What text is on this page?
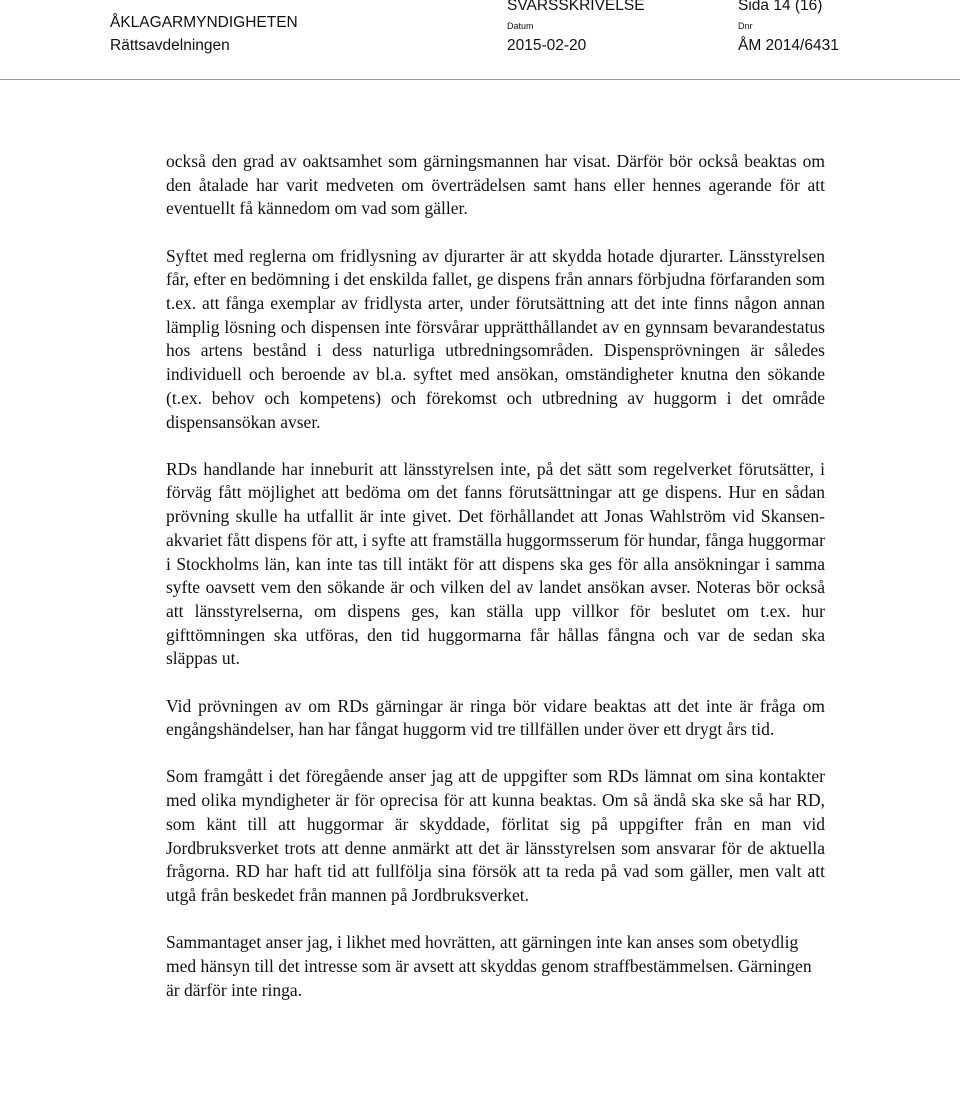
ÅKLAGARMYNDIGHETEN
Rättsavdelningen
SVARSSKRIVELSE
Datum
2015-02-20
Sida 14 (16)
Dnr
ÅM 2014/6431

också den grad av oaktsamhet som gärningsmannen har visat. Därför bör också beaktas om den åtalade har varit medveten om överträdelsen samt hans eller hennes agerande för att eventuellt få kännedom om vad som gäller.

Syftet med reglerna om fridlysning av djurarter är att skydda hotade djurarter. Länsstyrelsen får, efter en bedömning i det enskilda fallet, ge dispens från annars förbjudna förfaranden som t.ex. att fånga exemplar av fridlysta arter, under förutsättning att det inte finns någon annan lämplig lösning och dispensen inte försvårar upprätthållandet av en gynnsam bevarandestatus hos artens bestånd i dess naturliga utbredningsområden. Dispensprövningen är således individuell och beroende av bl.a. syftet med ansökan, omständigheter knutna den sökande (t.ex. behov och kompetens) och förekomst och utbredning av huggorm i det område dispensansökan avser.

RDs handlande har inneburit att länsstyrelsen inte, på det sätt som regelverket förutsätter, i förväg fått möjlighet att bedöma om det fanns förutsättningar att ge dispens. Hur en sådan prövning skulle ha utfallit är inte givet. Det förhållandet att Jonas Wahlström vid Skansen-akvariet fått dispens för att, i syfte att framställa huggormsserum för hundar, fånga huggormar i Stockholms län, kan inte tas till intäkt för att dispens ska ges för alla ansökningar i samma syfte oavsett vem den sökande är och vilken del av landet ansökan avser. Noteras bör också att länsstyrelserna, om dispens ges, kan ställa upp villkor för beslutet om t.ex. hur gifttömningen ska utföras, den tid huggormarna får hållas fångna och var de sedan ska släppas ut.

Vid prövningen av om RDs gärningar är ringa bör vidare beaktas att det inte är fråga om engångshändelser, han har fångat huggorm vid tre tillfällen under över ett drygt års tid.

Som framgått i det föregående anser jag att de uppgifter som RDs lämnat om sina kontakter med olika myndigheter är för oprecisa för att kunna beaktas. Om så ändå ska ske så har RD, som känt till att huggormar är skyddade, förlitat sig på uppgifter från en man vid Jordbruksverket trots att denne anmärkt att det är länsstyrelsen som ansvarar för de aktuella frågorna. RD har haft tid att fullfölja sina försök att ta reda på vad som gäller, men valt att utgå från beskedet från mannen på Jordbruksverket.

Sammantaget anser jag, i likhet med hovrätten, att gärningen inte kan anses som obetydlig med hänsyn till det intresse som är avsett att skyddas genom straffbestämmelsen. Gärningen är därför inte ringa.
